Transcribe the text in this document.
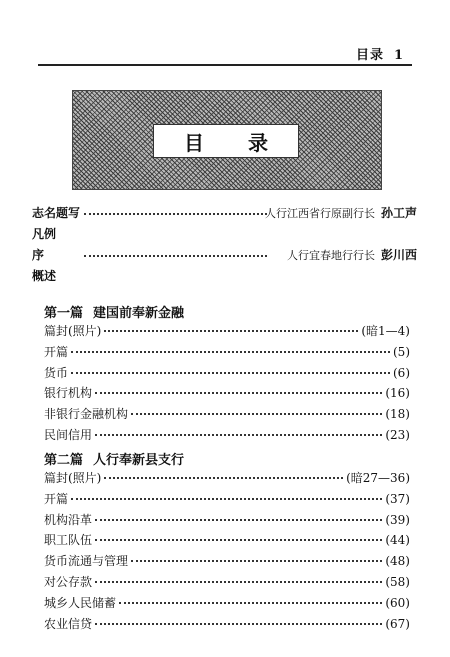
目录 1
目 录
志名题写	人行江西省行原副行长 孙工声
凡例
序	人行宜春地行行长 彭川西
概述
第一篇 建国前奉新金融
篇封(照片)	(暗1—4)
开篇	(5)
货币	(6)
银行机构	(16)
非银行金融机构	(18)
民间信用	(23)
第二篇 人行奉新县支行
篇封(照片)	(暗27—36)
开篇	(37)
机构沿革	(39)
职工队伍	(44)
货币流通与管理	(48)
对公存款	(58)
城乡人民储蓄	(60)
农业信贷	(67)
